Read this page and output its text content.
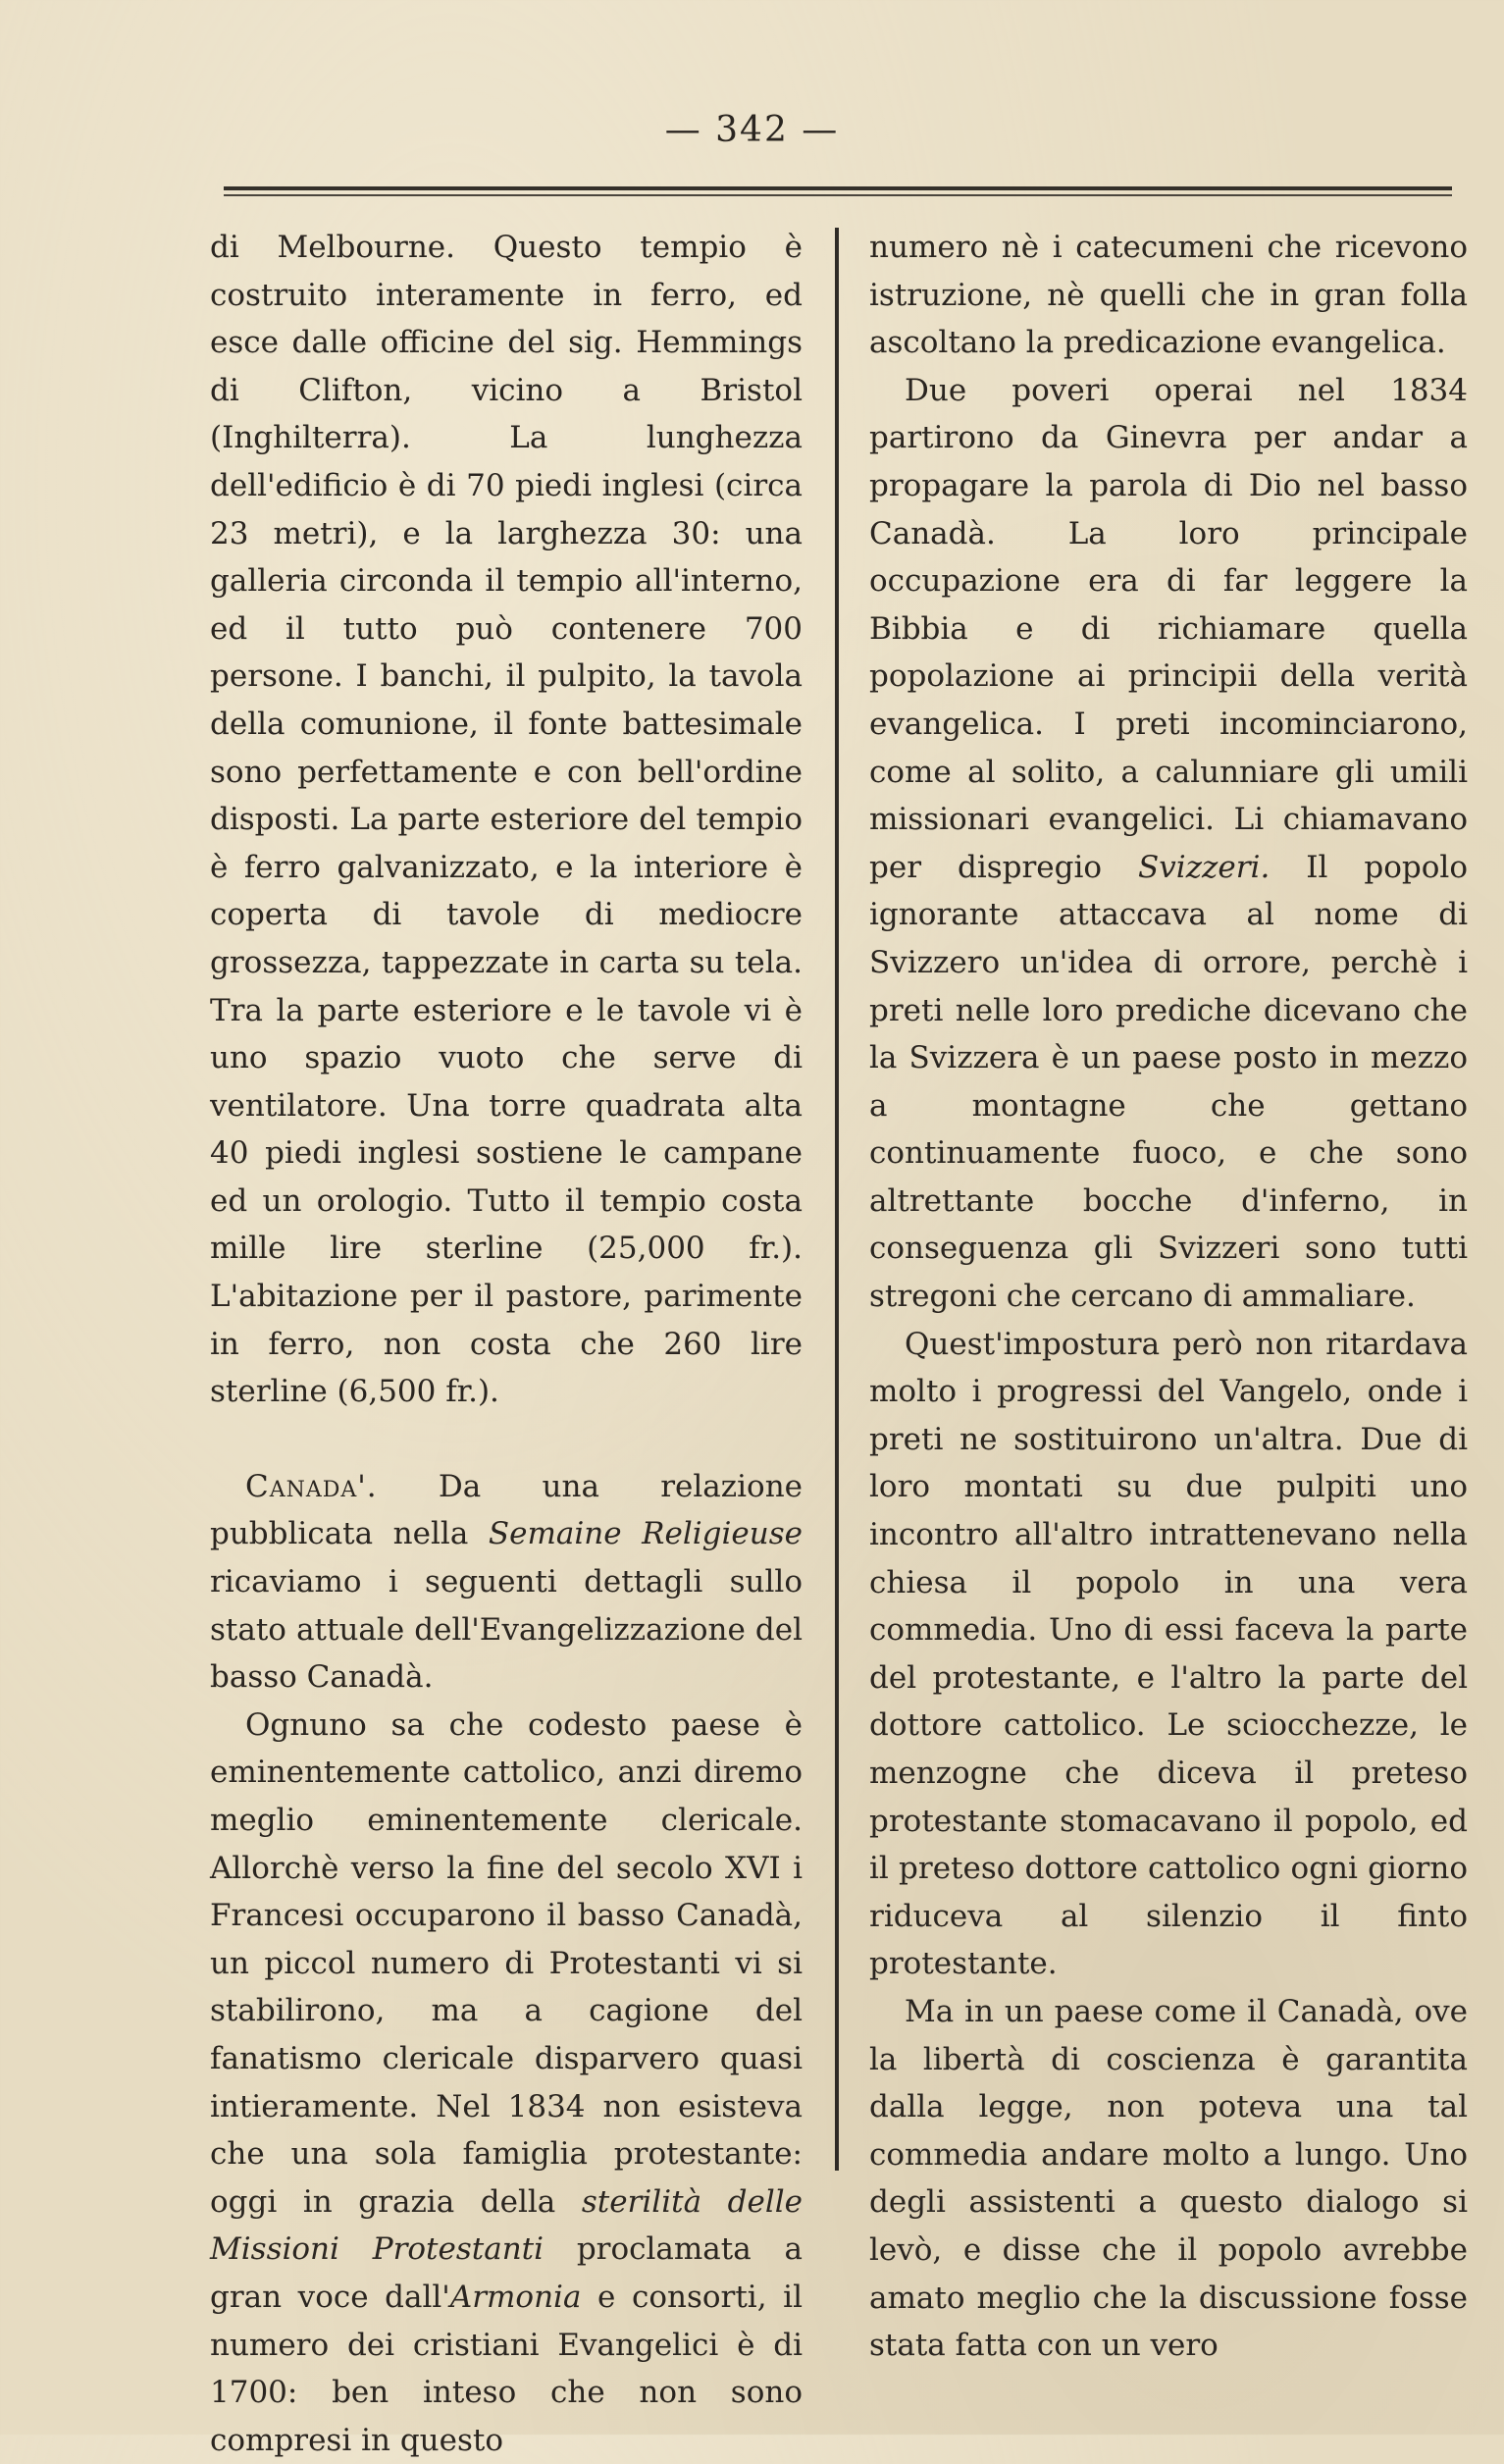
— 342 —

di Melbourne. Questo tempio è costruito interamente in ferro, ed esce dalle officine del sig. Hemmings di Clifton, vicino a Bristol (Inghilterra). La lunghezza dell'edificio è di 70 piedi inglesi (circa 23 metri), e la larghezza 30: una galleria circonda il tempio all'interno, ed il tutto può contenere 700 persone. I banchi, il pulpito, la tavola della comunione, il fonte battesimale sono perfettamente e con bell'ordine disposti. La parte esteriore del tempio è ferro galvanizzato, e la interiore è coperta di tavole di mediocre grossezza, tappezzate in carta su tela. Tra la parte esteriore e le tavole vi è uno spazio vuoto che serve di ventilatore. Una torre quadrata alta 40 piedi inglesi sostiene le campane ed un orologio. Tutto il tempio costa mille lire sterline (25,000 fr.). L'abitazione per il pastore, parimente in ferro, non costa che 260 lire sterline (6,500 fr.).

Canada'. Da una relazione pubblicata nella Semaine Religieuse ricaviamo i seguenti dettagli sullo stato attuale dell'Evangelizzazione del basso Canadà.

Ognuno sa che codesto paese è eminentemente cattolico, anzi diremo meglio eminentemente clericale. Allorchè verso la fine del secolo XVI i Francesi occuparono il basso Canadà, un piccol numero di Protestanti vi si stabilirono, ma a cagione del fanatismo clericale disparvero quasi intieramente. Nel 1834 non esisteva che una sola famiglia protestante: oggi in grazia della sterilità delle Missioni Protestanti proclamata a gran voce dall'Armonia e consorti, il numero dei cristiani Evangelici è di 1700: ben inteso che non sono compresi in questo

numero nè i catecumeni che ricevono istruzione, nè quelli che in gran folla ascoltano la predicazione evangelica.

Due poveri operai nel 1834 partirono da Ginevra per andar a propagare la parola di Dio nel basso Canadà. La loro principale occupazione era di far leggere la Bibbia e di richiamare quella popolazione ai principii della verità evangelica. I preti incominciarono, come al solito, a calunniare gli umili missionari evangelici. Li chiamavano per dispregio Svizzeri. Il popolo ignorante attaccava al nome di Svizzero un'idea di orrore, perchè i preti nelle loro prediche dicevano che la Svizzera è un paese posto in mezzo a montagne che gettano continuamente fuoco, e che sono altrettante bocche d'inferno, in conseguenza gli Svizzeri sono tutti stregoni che cercano di ammaliare.

Quest'impostura però non ritardava molto i progressi del Vangelo, onde i preti ne sostituirono un'altra. Due di loro montati su due pulpiti uno incontro all'altro intrattenevano nella chiesa il popolo in una vera commedia. Uno di essi faceva la parte del protestante, e l'altro la parte del dottore cattolico. Le sciocchezze, le menzogne che diceva il preteso protestante stomacavano il popolo, ed il preteso dottore cattolico ogni giorno riduceva al silenzio il finto protestante.

Ma in un paese come il Canadà, ove la libertà di coscienza è garantita dalla legge, non poteva una tal commedia andare molto a lungo. Uno degli assistenti a questo dialogo si levò, e disse che il popolo avrebbe amato meglio che la discussione fosse stata fatta con un vero
